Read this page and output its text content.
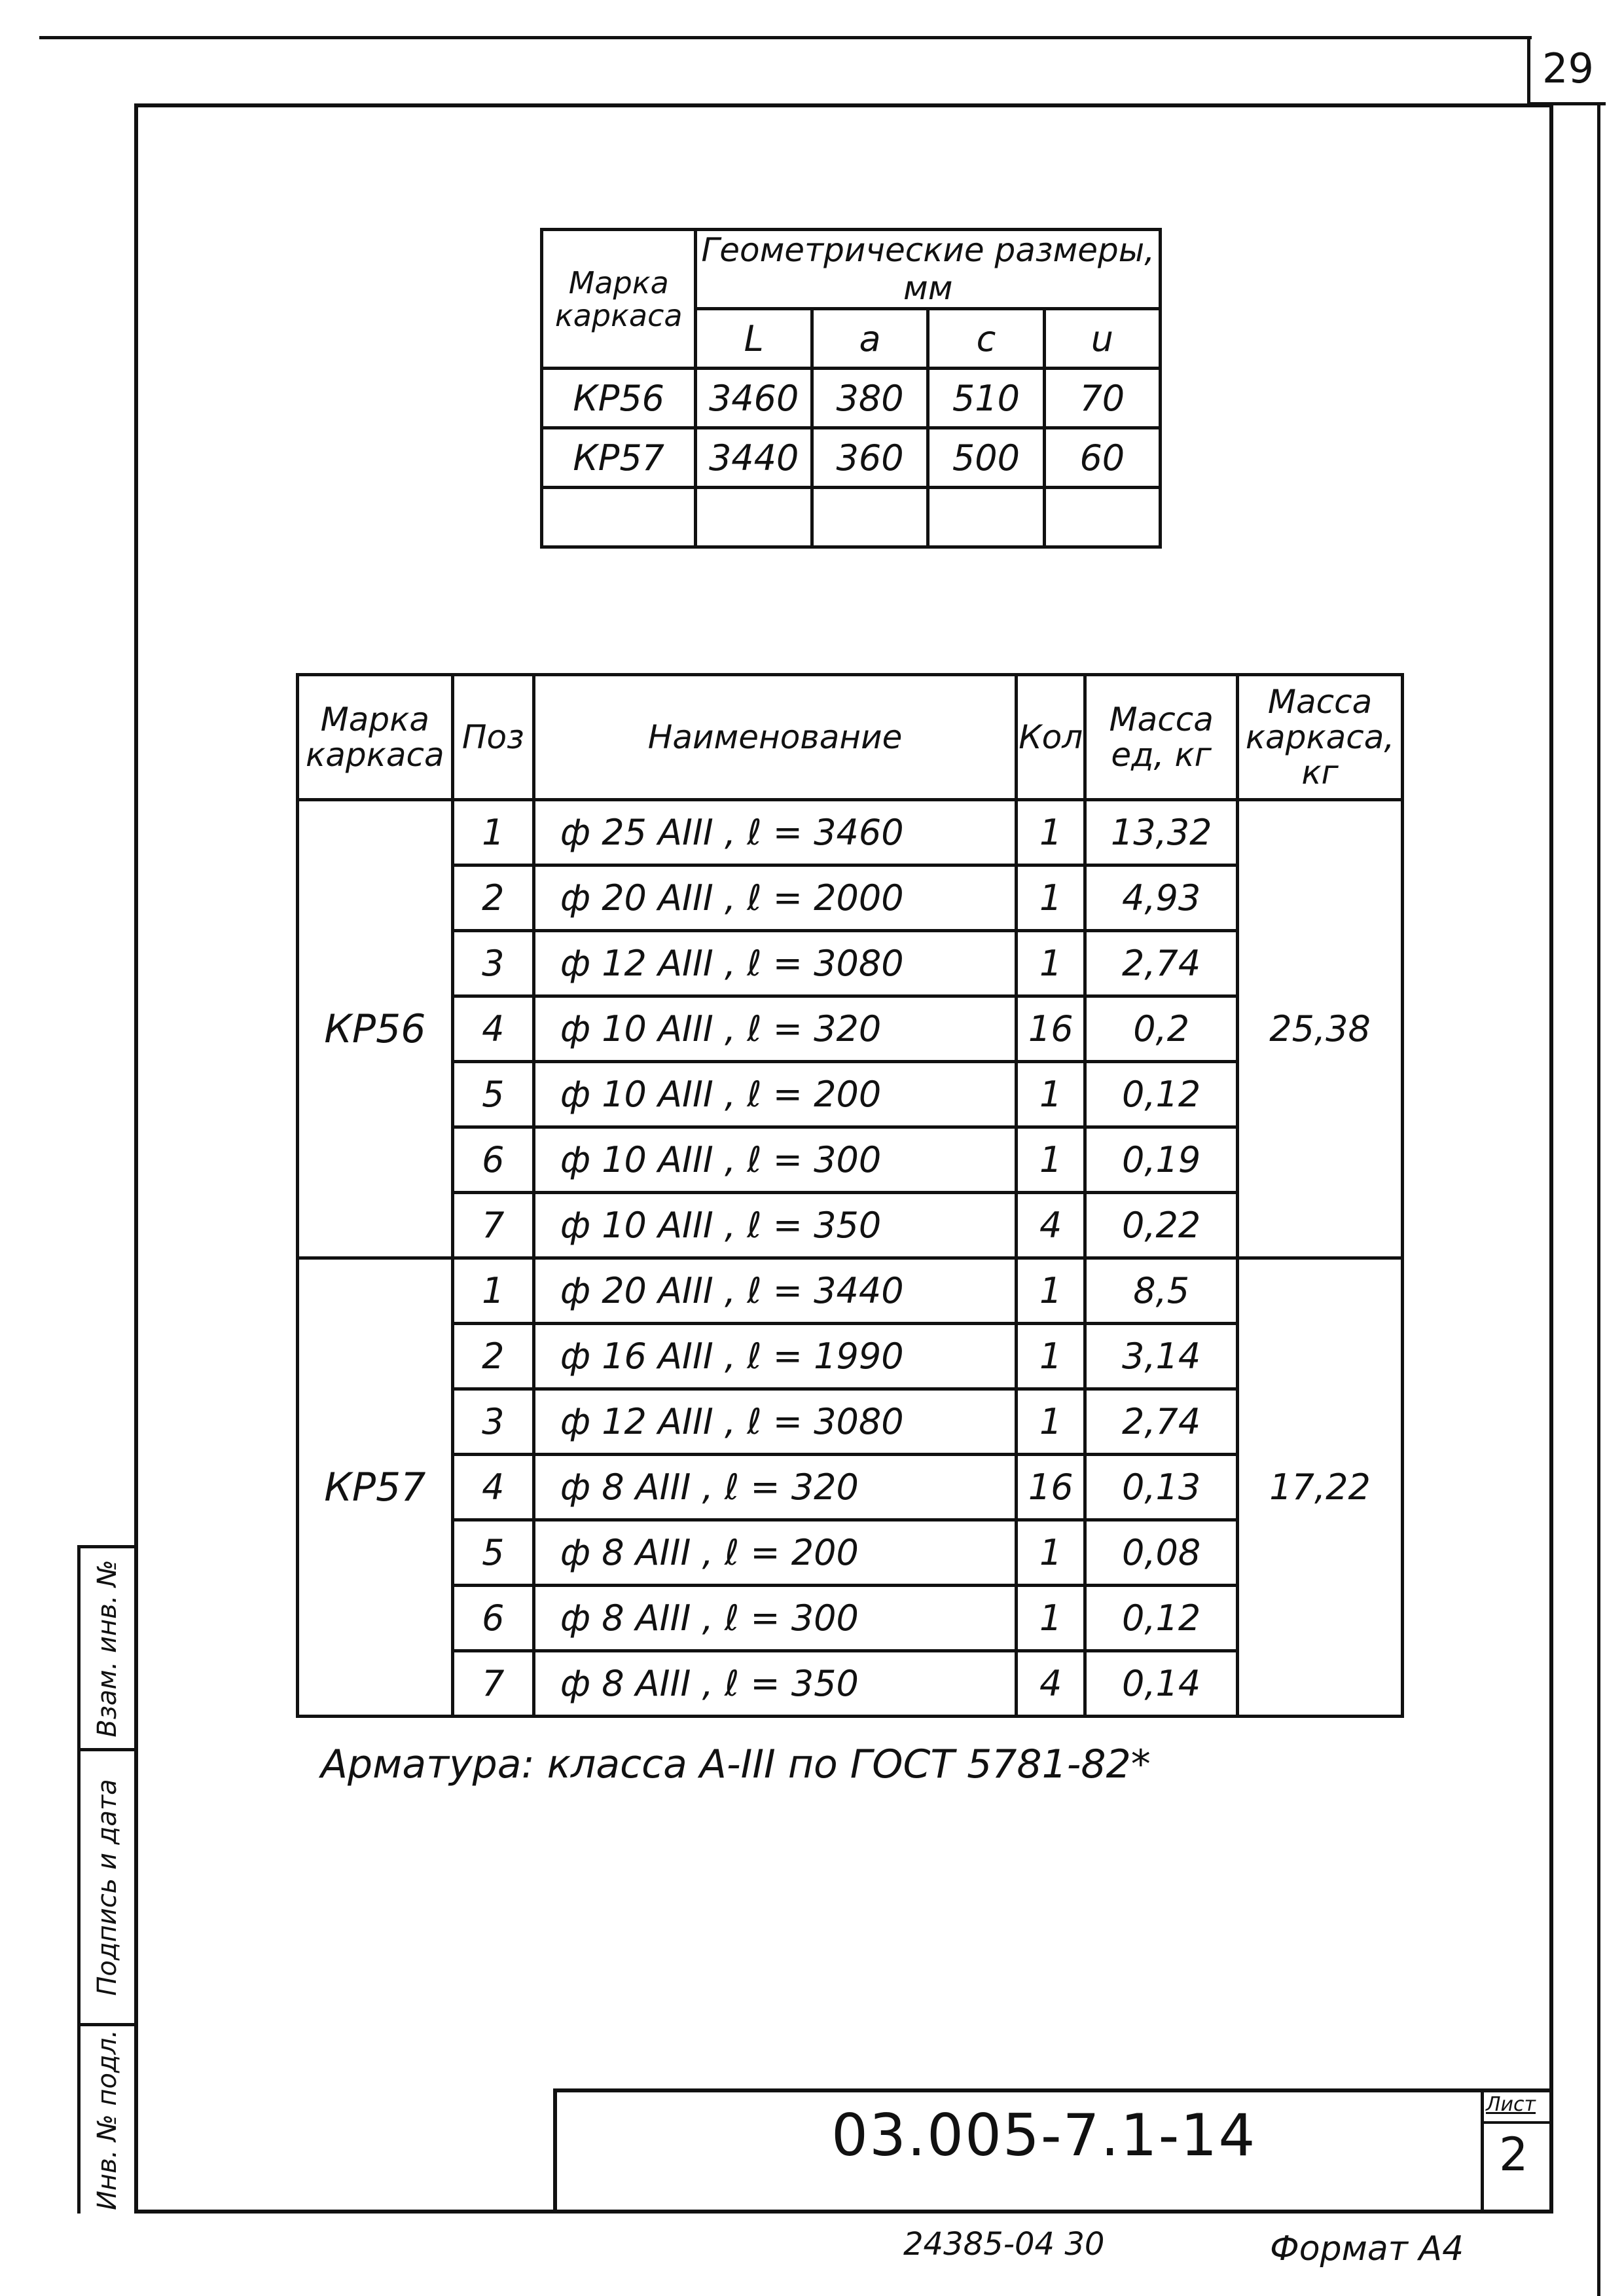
29
Марка
каркаса	Геометрические размеры, мм			
	L	a	c	u
КР56	3460	380	510	70
КР57	3440	360	500	60

Марка каркаса	Поз	Наименование	Кол	Масса ед, кг	Масса каркаса, кг
КР56	1	ф 25 АIII , ℓ = 3460	1	13,32	25,38
	2	ф 20 АIII , ℓ = 2000	1	4,93	
	3	ф 12 АIII , ℓ = 3080	1	2,74	
	4	ф 10 АIII , ℓ = 320	16	0,2	
	5	ф 10 АIII , ℓ = 200	1	0,12	
	6	ф 10 АIII , ℓ = 300	1	0,19	
	7	ф 10 АIII , ℓ = 350	4	0,22	
КР57	1	ф 20 АIII , ℓ = 3440	1	8,5	17,22
	2	ф 16 АIII , ℓ = 1990	1	3,14	
	3	ф 12 АIII , ℓ = 3080	1	2,74	
	4	ф 8 АIII , ℓ = 320	16	0,13	
	5	ф 8 АIII , ℓ = 200	1	0,08	
	6	ф 8 АIII , ℓ = 300	1	0,12	
	7	ф 8 АIII , ℓ = 350	4	0,14	
Арматура: класса А-III по ГОСТ 5781-82*
Взам. инв. №
Подпись и дата
Инв. № подл.	03.005-7.1-14	Лист
2
24385-04 30	Формат А4
